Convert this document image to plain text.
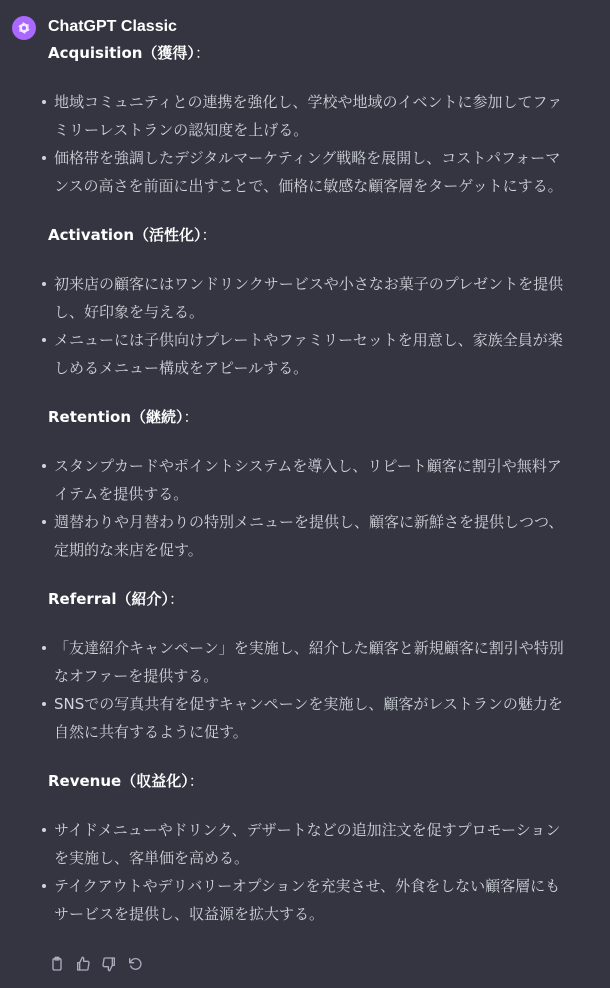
ChatGPT Classic

Acquisition（獲得）：

地域コミュニティとの連携を強化し、学校や地域のイベントに参加してファミリーレストランの認知度を上げる。
価格帯を強調したデジタルマーケティング戦略を展開し、コストパフォーマンスの高さを前面に出すことで、価格に敏感な顧客層をターゲットにする。

Activation（活性化）：

初来店の顧客にはワンドリンクサービスや小さなお菓子のプレゼントを提供し、好印象を与える。
メニューには子供向けプレートやファミリーセットを用意し、家族全員が楽しめるメニュー構成をアピールする。

Retention（継続）：

スタンプカードやポイントシステムを導入し、リピート顧客に割引や無料アイテムを提供する。
週替わりや月替わりの特別メニューを提供し、顧客に新鮮さを提供しつつ、定期的な来店を促す。

Referral（紹介）：

「友達紹介キャンペーン」を実施し、紹介した顧客と新規顧客に割引や特別なオファーを提供する。
SNSでの写真共有を促すキャンペーンを実施し、顧客がレストランの魅力を自然に共有するように促す。

Revenue（収益化）：

サイドメニューやドリンク、デザートなどの追加注文を促すプロモーションを実施し、客単価を高める。
テイクアウトやデリバリーオプションを充実させ、外食をしない顧客層にもサービスを提供し、収益源を拡大する。
